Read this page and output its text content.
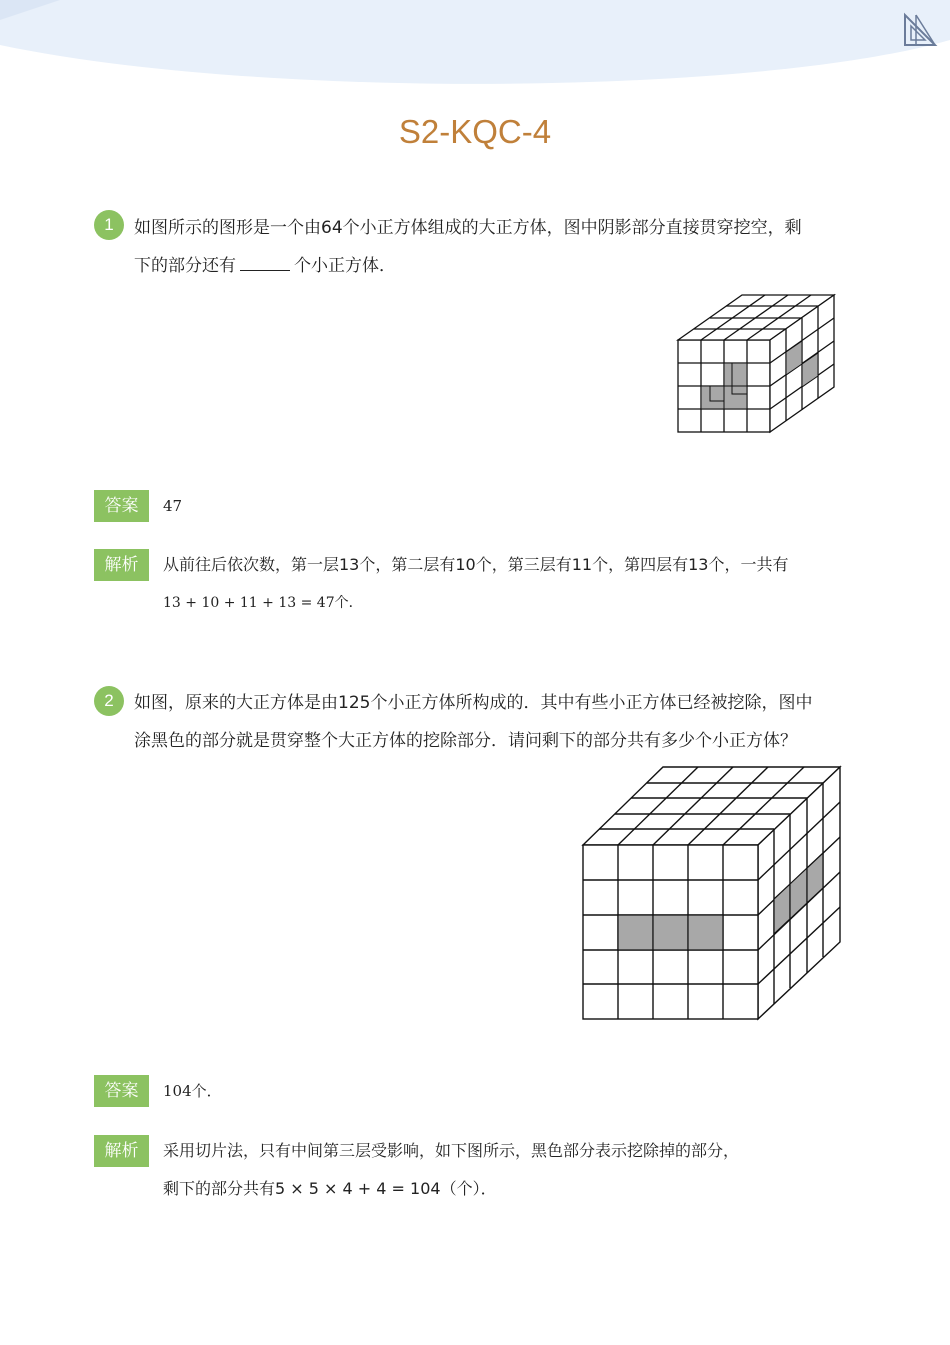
S2-KQC-4
1	如图所示的图形是一个由64个小正方体组成的大正方体，图中阴影部分直接贯穿挖空，剩
下的部分还有	个小正方体．
答案	47
解析	从前往后依次数，第一层13个，第二层有10个，第三层有11个，第四层有13个，一共有
13 + 10 + 11 + 13 = 47个．
2	如图，原来的大正方体是由125个小正方体所构成的．其中有些小正方体已经被挖除，图中
涂黑色的部分就是贯穿整个大正方体的挖除部分．请问剩下的部分共有多少个小正方体？
答案	104个．
解析	采用切片法，只有中间第三层受影响，如下图所示，黑色部分表示挖除掉的部分，
剩下的部分共有5 × 5 × 4 + 4 = 104（个）．
